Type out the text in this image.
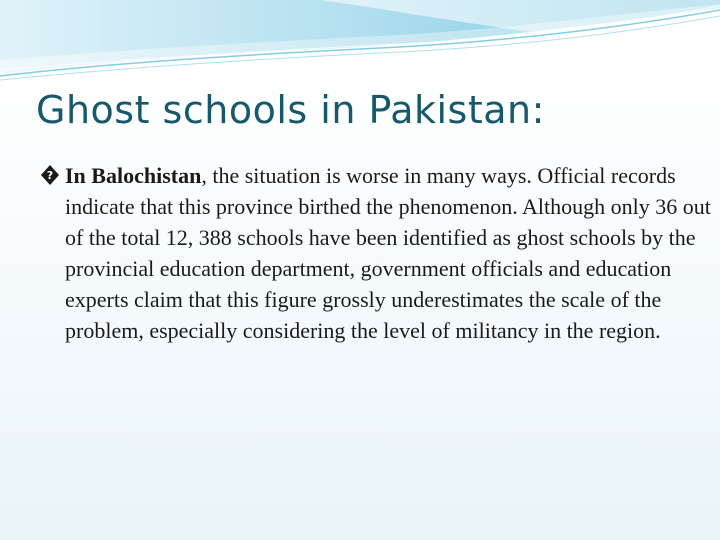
Ghost schools in Pakistan:

? In Balochistan, the situation is worse in many ways. Official records indicate that this province birthed the phenomenon. Although only 36 out of the total 12, 388 schools have been identified as ghost schools by the provincial education department, government officials and education experts claim that this figure grossly underestimates the scale of the problem, especially considering the level of militancy in the region.
